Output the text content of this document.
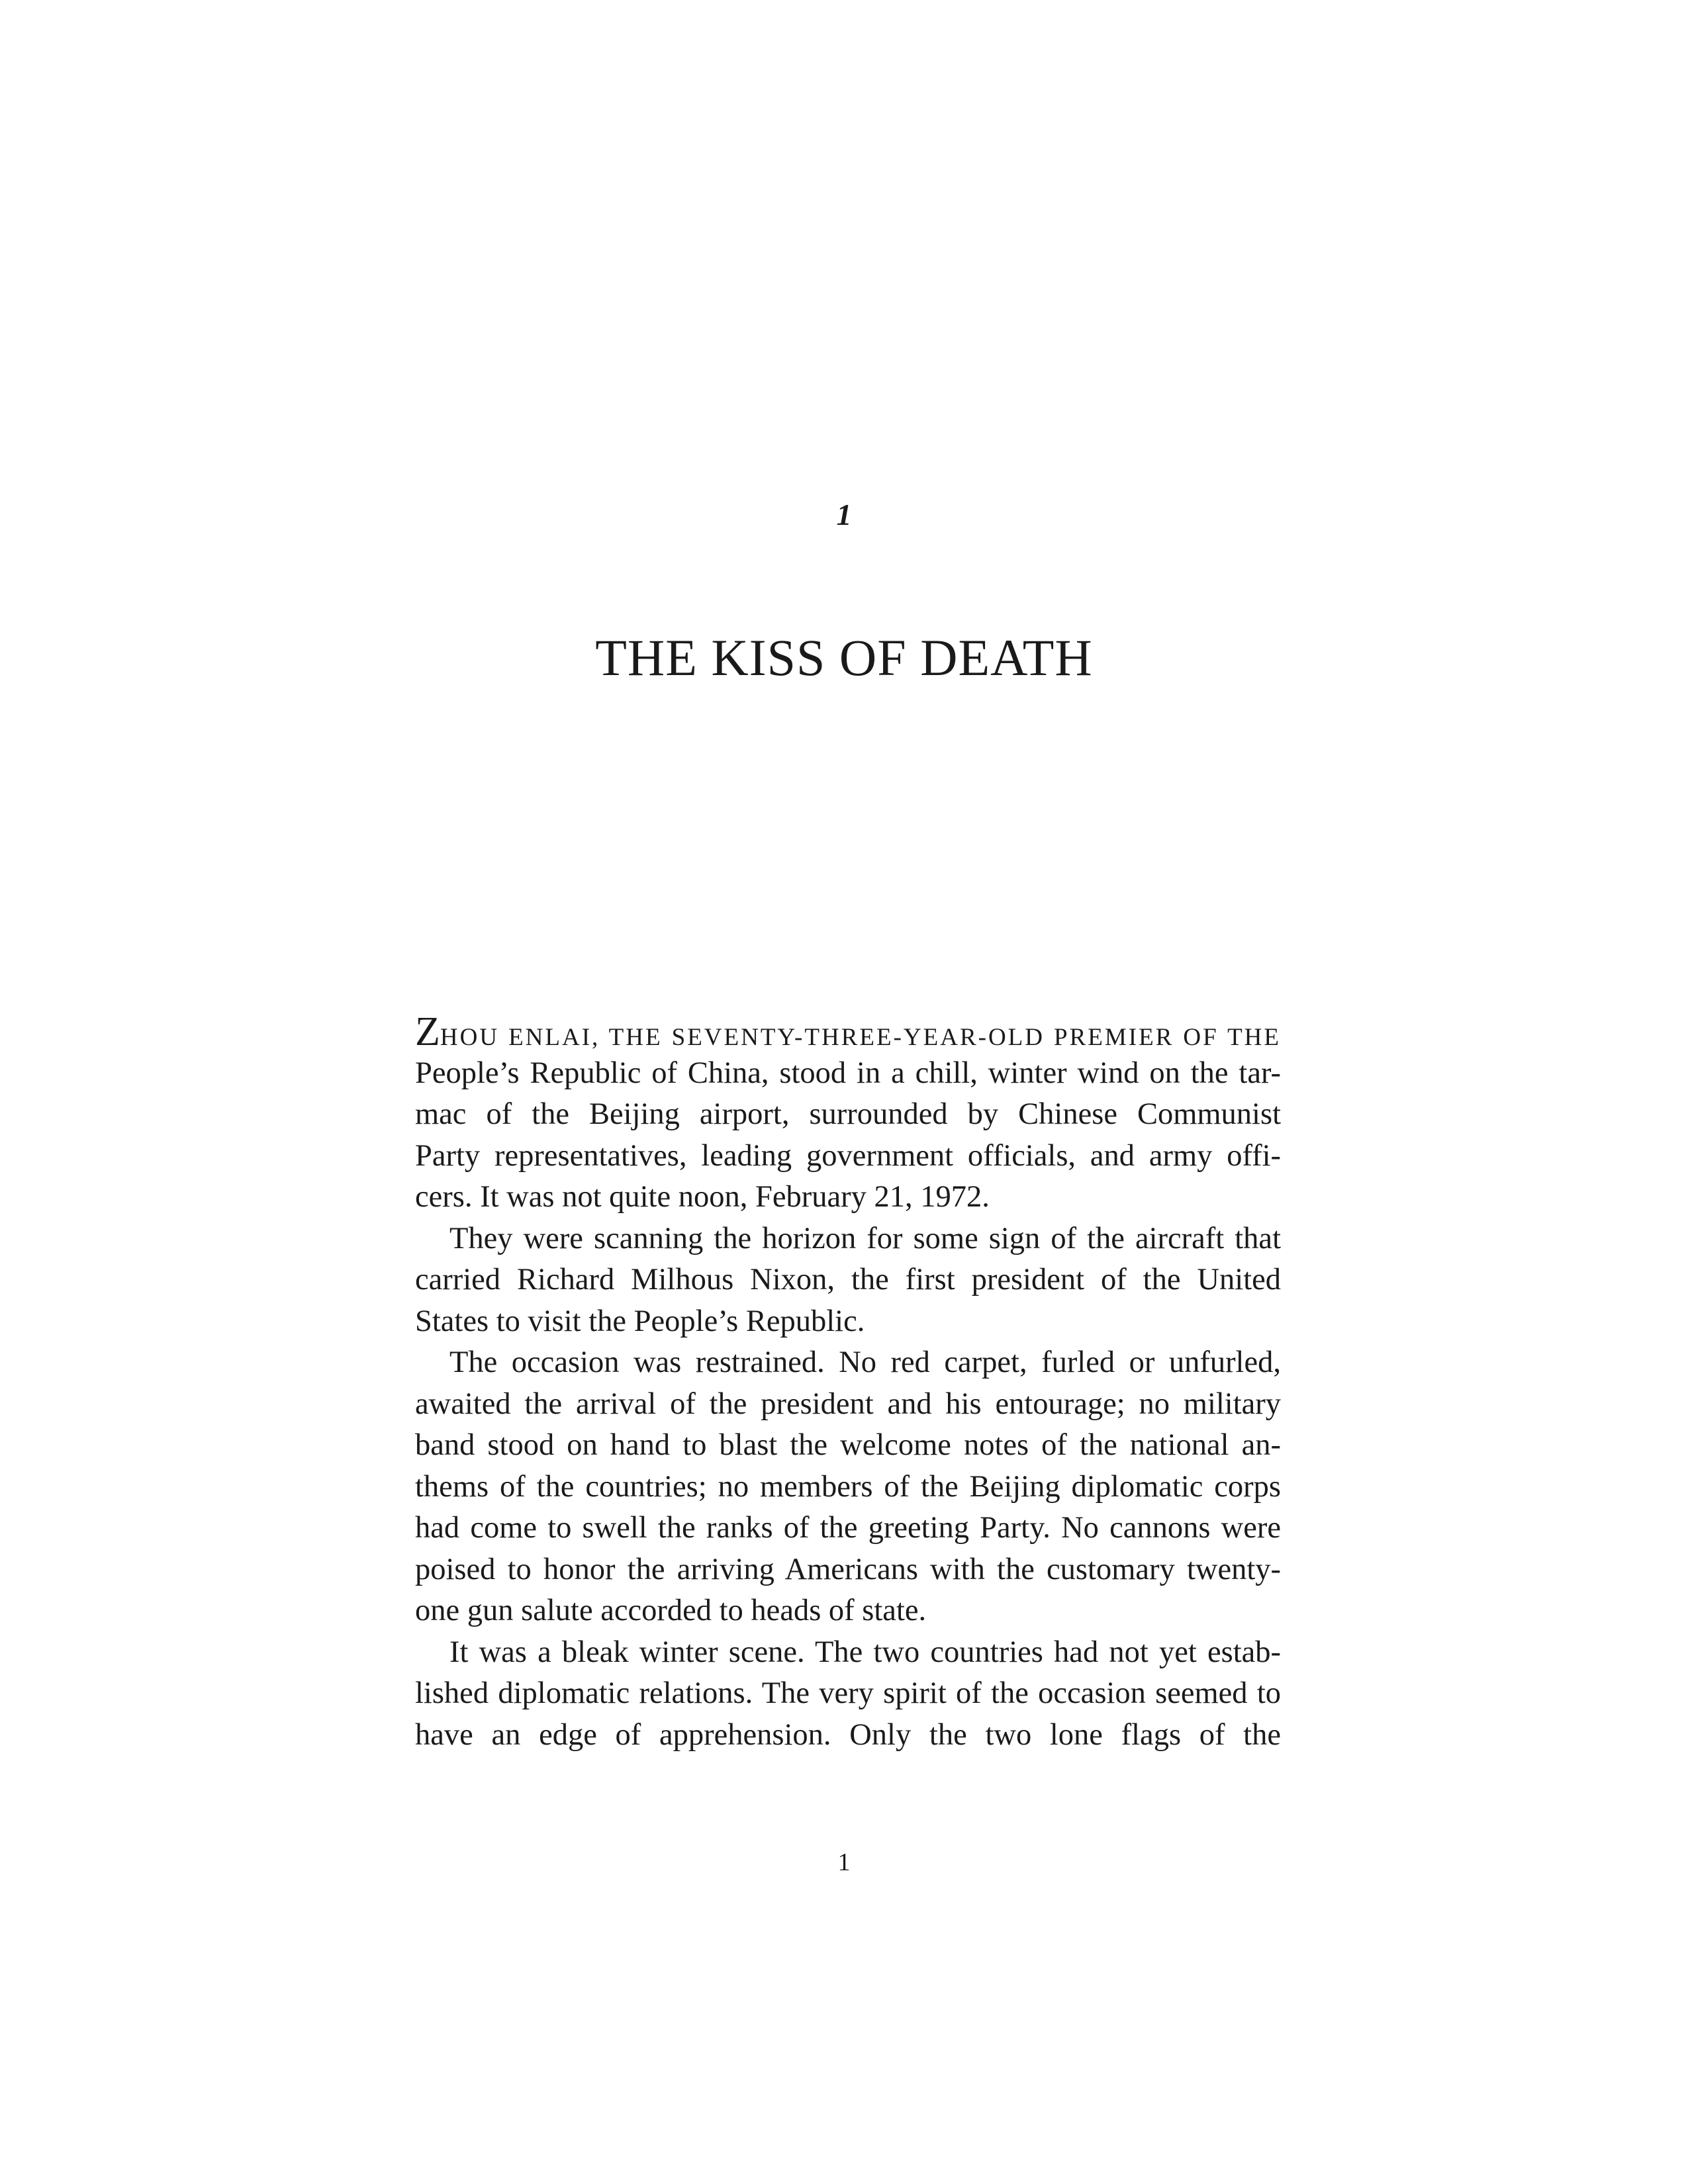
1
THE KISS OF DEATH
ZHOU ENLAI, THE SEVENTY-THREE-YEAR-OLD PREMIER OF THE
People’s Republic of China, stood in a chill, winter wind on the tar-
mac of the Beijing airport, surrounded by Chinese Communist
Party representatives, leading government officials, and army offi-
cers. It was not quite noon, February 21, 1972.
They were scanning the horizon for some sign of the aircraft that
carried Richard Milhous Nixon, the first president of the United
States to visit the People’s Republic.
The occasion was restrained. No red carpet, furled or unfurled,
awaited the arrival of the president and his entourage; no military
band stood on hand to blast the welcome notes of the national an-
thems of the countries; no members of the Beijing diplomatic corps
had come to swell the ranks of the greeting Party. No cannons were
poised to honor the arriving Americans with the customary twenty-
one gun salute accorded to heads of state.
It was a bleak winter scene. The two countries had not yet estab-
lished diplomatic relations. The very spirit of the occasion seemed to
have an edge of apprehension. Only the two lone flags of the
1
